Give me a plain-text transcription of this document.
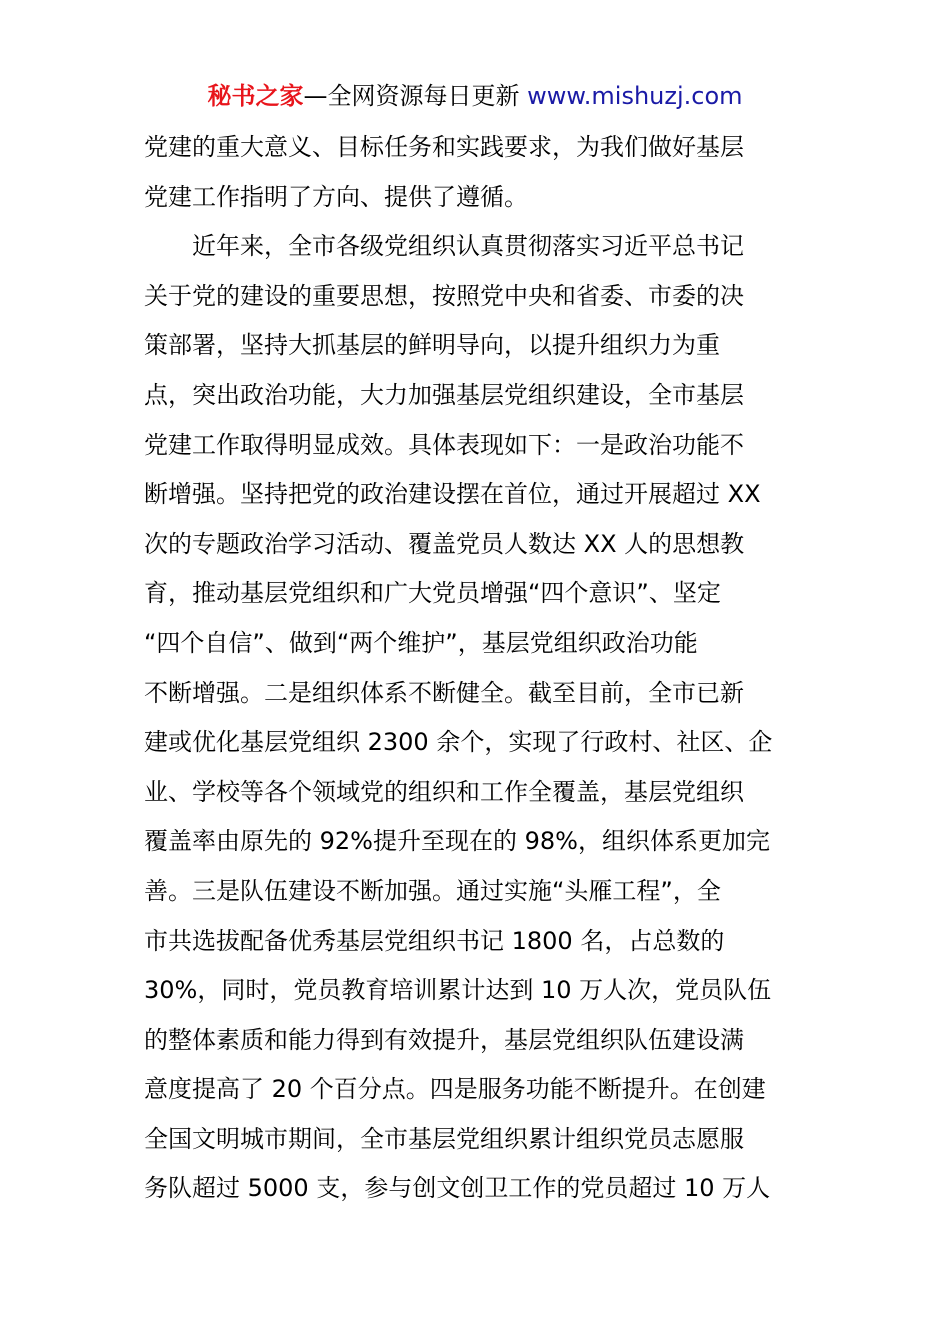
秘书之家—全网资源每日更新 www.mishuzj.com
党建的重大意义、目标任务和实践要求，为我们做好基层
党建工作指明了方向、提供了遵循。
　　近年来，全市各级党组织认真贯彻落实习近平总书记
关于党的建设的重要思想，按照党中央和省委、市委的决
策部署，坚持大抓基层的鲜明导向，以提升组织力为重
点，突出政治功能，大力加强基层党组织建设，全市基层
党建工作取得明显成效。具体表现如下：一是政治功能不
断增强。坚持把党的政治建设摆在首位，通过开展超过 XX
次的专题政治学习活动、覆盖党员人数达 XX 人的思想教
育，推动基层党组织和广大党员增强“四个意识”、坚定
“四个自信”、做到“两个维护”，基层党组织政治功能
不断增强。二是组织体系不断健全。截至目前，全市已新
建或优化基层党组织 2300 余个，实现了行政村、社区、企
业、学校等各个领域党的组织和工作全覆盖，基层党组织
覆盖率由原先的 92%提升至现在的 98%，组织体系更加完
善。三是队伍建设不断加强。通过实施“头雁工程”，全
市共选拔配备优秀基层党组织书记 1800 名，占总数的
30%，同时，党员教育培训累计达到 10 万人次，党员队伍
的整体素质和能力得到有效提升，基层党组织队伍建设满
意度提高了 20 个百分点。四是服务功能不断提升。在创建
全国文明城市期间，全市基层党组织累计组织党员志愿服
务队超过 5000 支，参与创文创卫工作的党员超过 10 万人
